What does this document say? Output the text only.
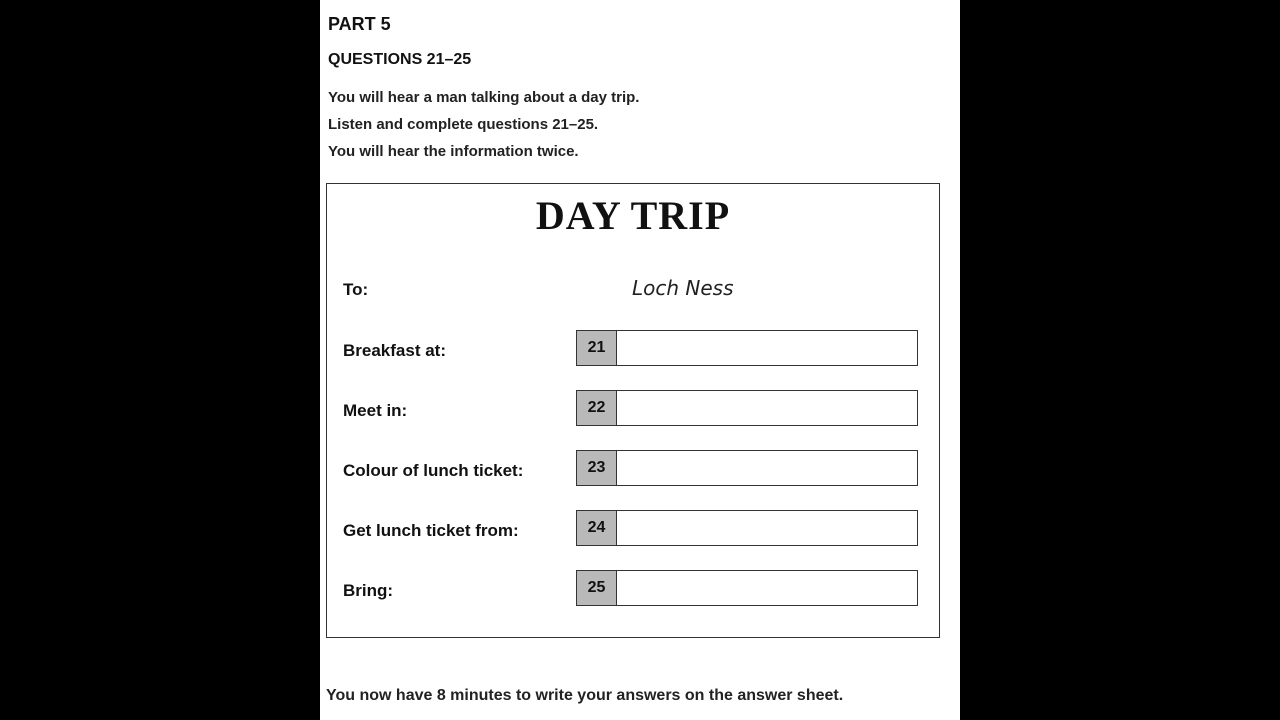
PART 5
QUESTIONS 21–25
You will hear a man talking about a day trip.
Listen and complete questions 21–25.
You will hear the information twice.
DAY TRIP
To:	Loch Ness
Breakfast at:	21
Meet in:	22
Colour of lunch ticket:	23
Get lunch ticket from:	24
Bring:	25
You now have 8 minutes to write your answers on the answer sheet.
